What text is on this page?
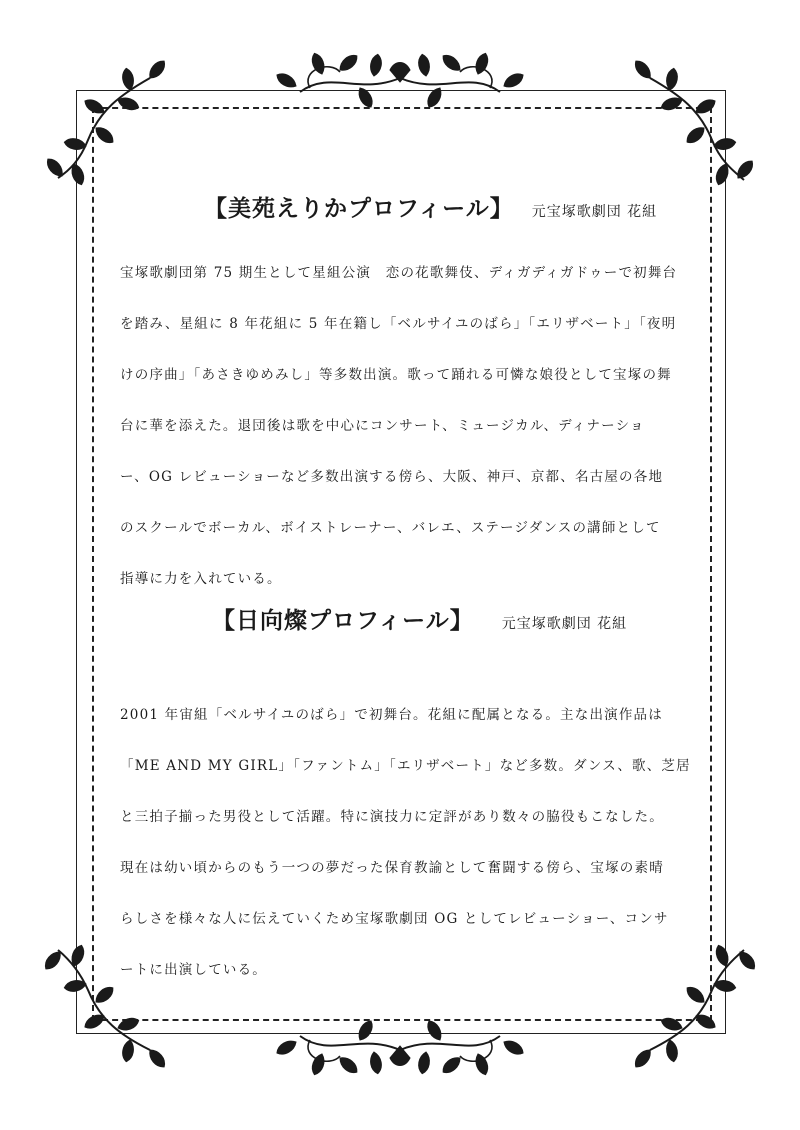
【美苑えりかプロフィール】 元宝塚歌劇団 花組
宝塚歌劇団第 75 期生として星組公演　恋の花歌舞伎、ディガディガドゥーで初舞台
を踏み、星組に 8 年花組に 5 年在籍し「ベルサイユのばら」「エリザベート」「夜明
けの序曲」「あさきゆめみし」等多数出演。歌って踊れる可憐な娘役として宝塚の舞
台に華を添えた。退団後は歌を中心にコンサート、ミュージカル、ディナーショ
ー、OG レビューショーなど多数出演する傍ら、大阪、神戸、京都、名古屋の各地
のスクールでボーカル、ボイストレーナー、バレエ、ステージダンスの講師として
指導に力を入れている。
【日向燦プロフィール】 元宝塚歌劇団 花組
2001 年宙組「ベルサイユのばら」で初舞台。花組に配属となる。主な出演作品は
「ME AND MY GIRL」「ファントム」「エリザベート」など多数。ダンス、歌、芝居
と三拍子揃った男役として活躍。特に演技力に定評があり数々の脇役もこなした。
現在は幼い頃からのもう一つの夢だった保育教諭として奮闘する傍ら、宝塚の素晴
らしさを様々な人に伝えていくため宝塚歌劇団 OG としてレビューショー、コンサ
ートに出演している。
